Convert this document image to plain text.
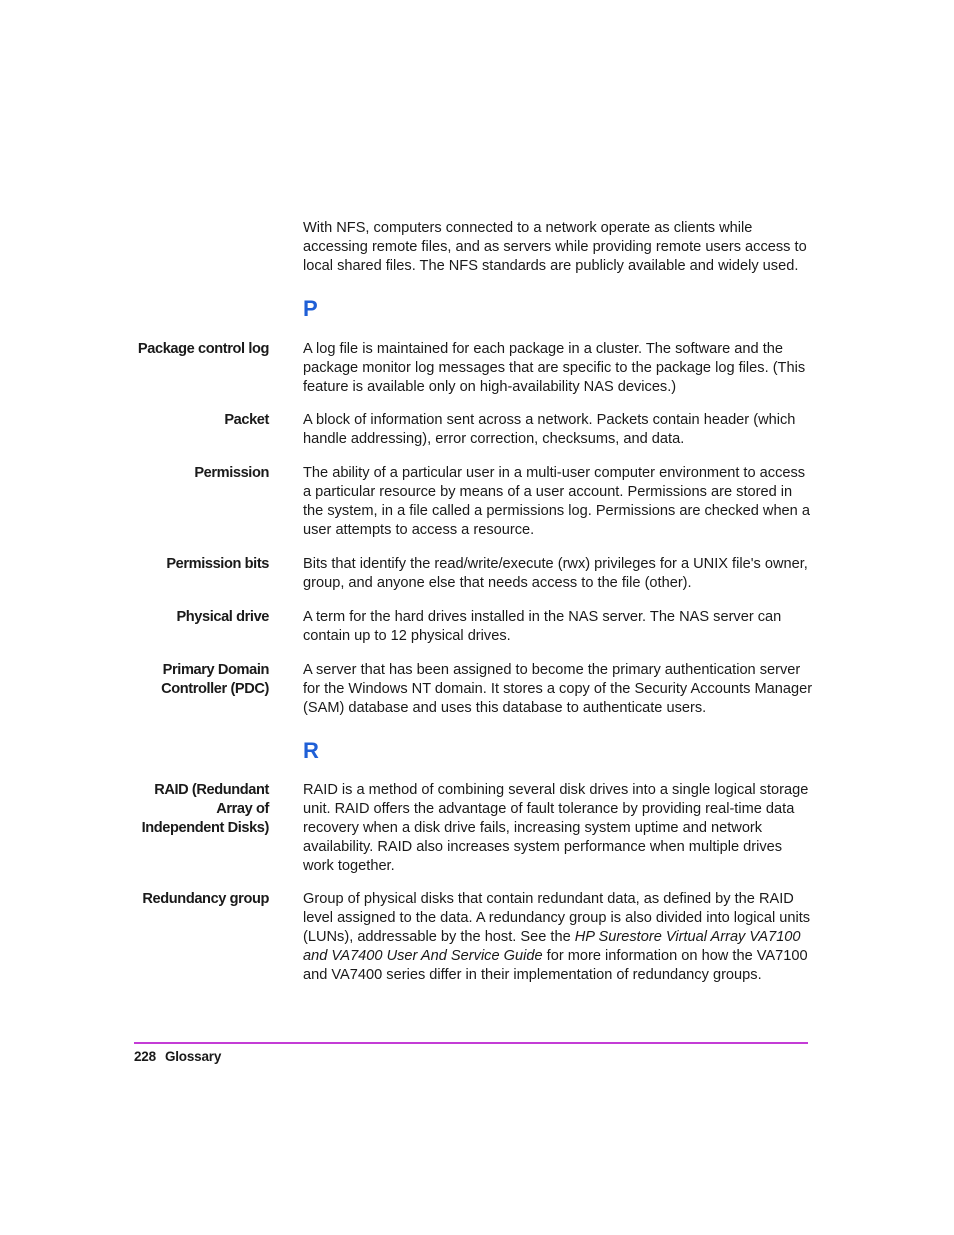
With NFS, computers connected to a network operate as clients while accessing remote files, and as servers while providing remote users access to local shared files. The NFS standards are publicly available and widely used.
P
Package control log A log file is maintained for each package in a cluster. The software and the package monitor log messages that are specific to the package log files. (This feature is available only on high-availability NAS devices.)
Packet A block of information sent across a network. Packets contain header (which handle addressing), error correction, checksums, and data.
Permission The ability of a particular user in a multi-user computer environment to access a particular resource by means of a user account. Permissions are stored in the system, in a file called a permissions log. Permissions are checked when a user attempts to access a resource.
Permission bits Bits that identify the read/write/execute (rwx) privileges for a UNIX file's owner, group, and anyone else that needs access to the file (other).
Physical drive A term for the hard drives installed in the NAS server. The NAS server can contain up to 12 physical drives.
Primary Domain
Controller (PDC)
A server that has been assigned to become the primary authentication server for the Windows NT domain. It stores a copy of the Security Accounts Manager (SAM) database and uses this database to authenticate users.
R
RAID (Redundant
Array of
Independent Disks)
RAID is a method of combining several disk drives into a single logical storage unit. RAID offers the advantage of fault tolerance by providing real-time data recovery when a disk drive fails, increasing system uptime and network availability. RAID also increases system performance when multiple drives work together.
Redundancy group Group of physical disks that contain redundant data, as defined by the RAID level assigned to the data. A redundancy group is also divided into logical units (LUNs), addressable by the host. See the HP Surestore Virtual Array VA7100 and VA7400 User And Service Guide for more information on how the VA7100 and VA7400 series differ in their implementation of redundancy groups.
228 Glossary
